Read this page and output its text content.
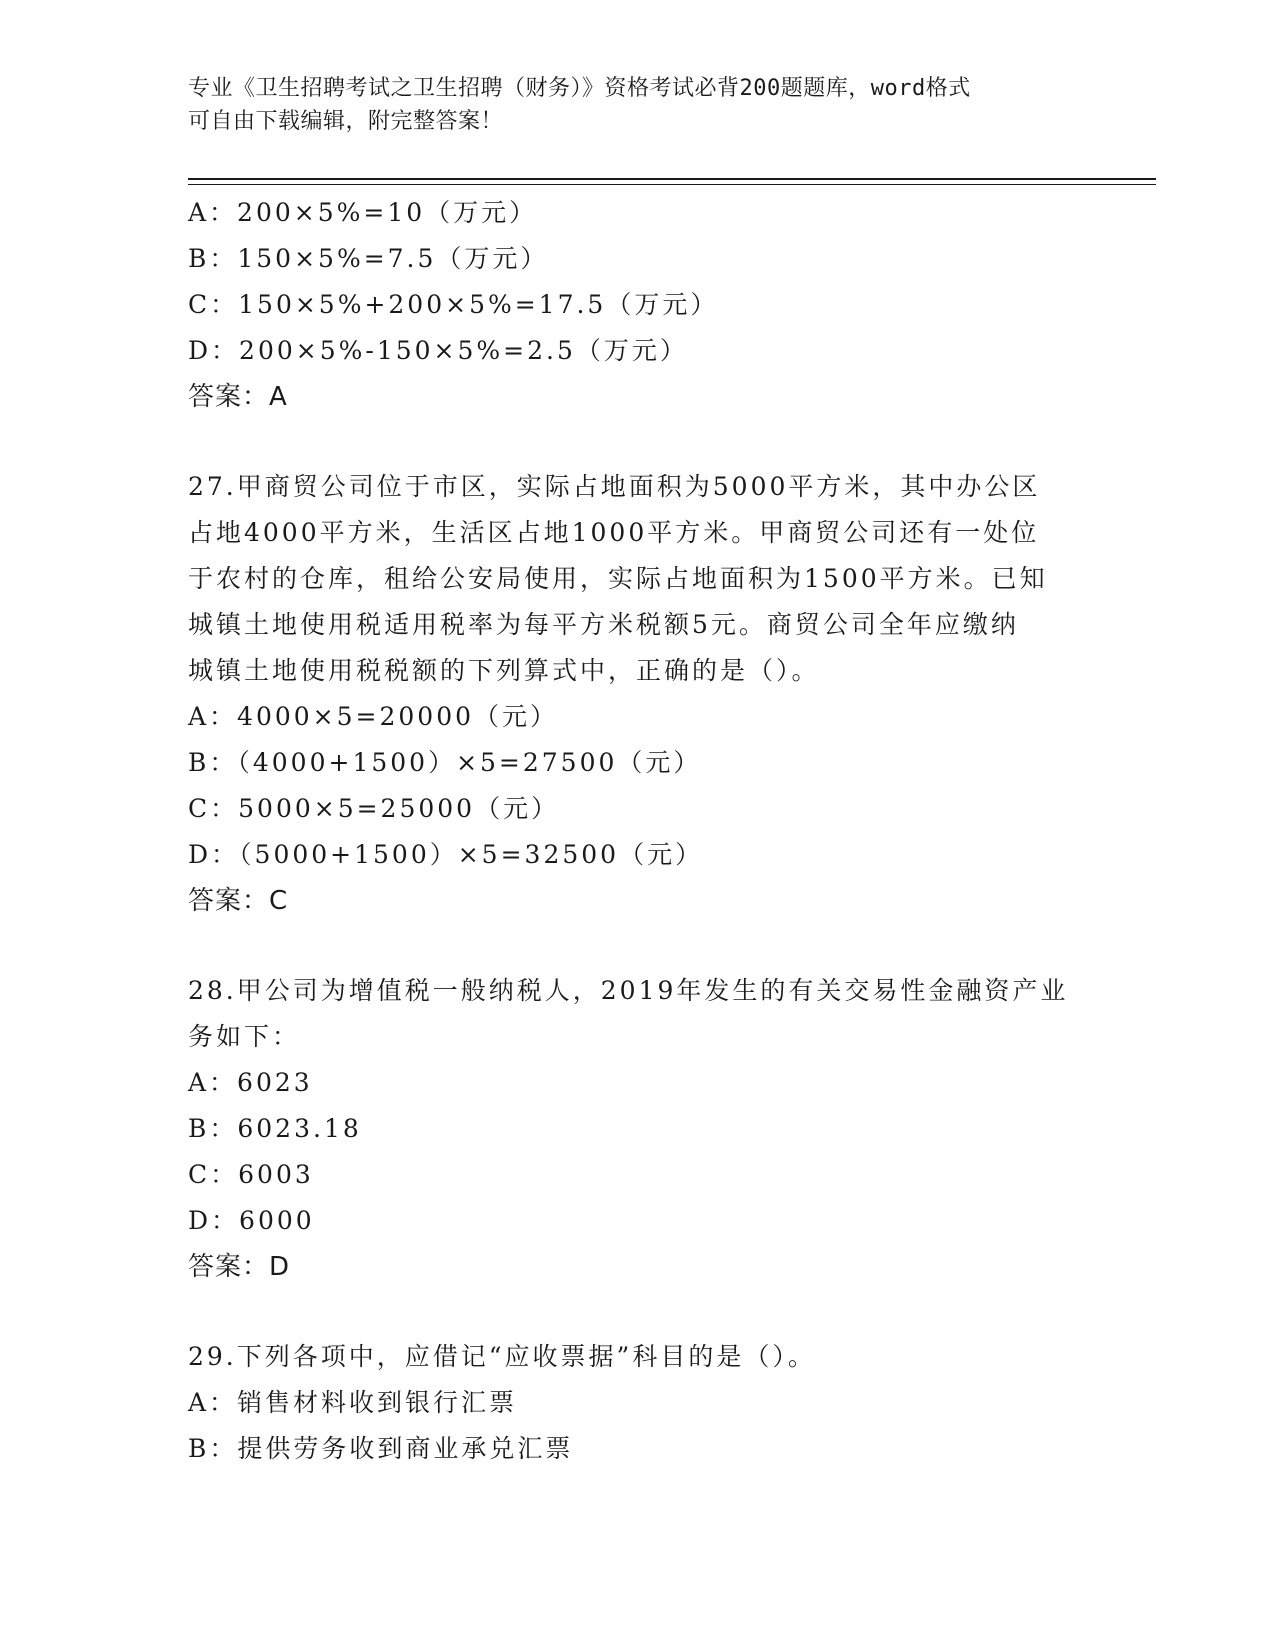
专业《卫生招聘考试之卫生招聘（财务）》资格考试必背200题题库，word格式
可自由下载编辑，附完整答案！
A：200×5%=10（万元）
B：150×5%=7.5（万元）
C：150×5%+200×5%=17.5（万元）
D：200×5%-150×5%=2.5（万元）
答案：A
27.甲商贸公司位于市区，实际占地面积为5000平方米，其中办公区
占地4000平方米，生活区占地1000平方米。甲商贸公司还有一处位
于农村的仓库，租给公安局使用，实际占地面积为1500平方米。已知
城镇土地使用税适用税率为每平方米税额5元。商贸公司全年应缴纳
城镇土地使用税税额的下列算式中，正确的是（）。
A：4000×5=20000（元）
B：（4000+1500）×5=27500（元）
C：5000×5=25000（元）
D：（5000+1500）×5=32500（元）
答案：C
28.甲公司为增值税一般纳税人，2019年发生的有关交易性金融资产业
务如下：
A：6023
B：6023.18
C：6003
D：6000
答案：D
29.下列各项中，应借记“应收票据”科目的是（）。
A：销售材料收到银行汇票
B：提供劳务收到商业承兑汇票
